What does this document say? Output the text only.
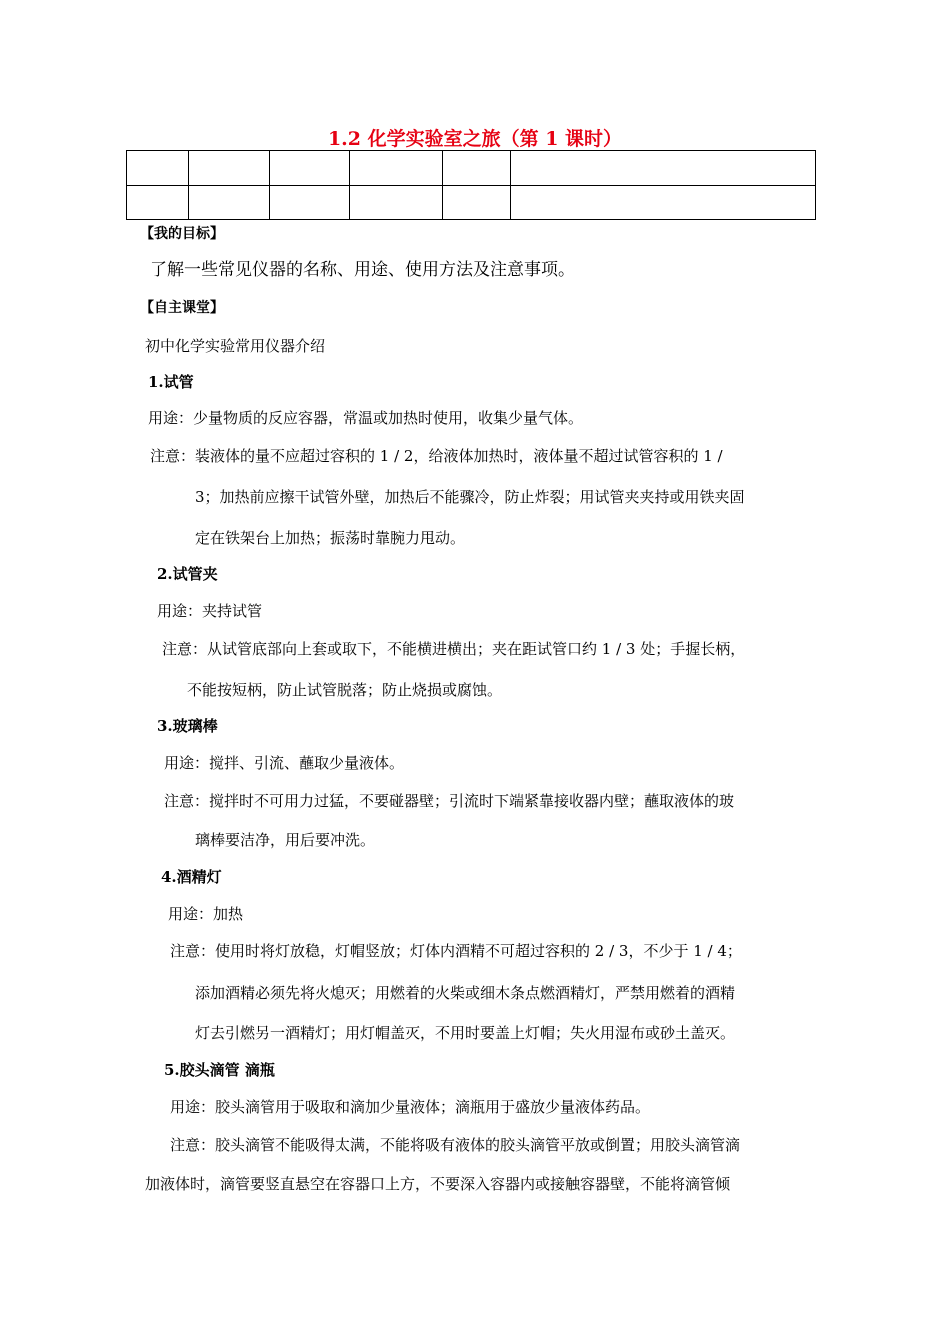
1.2 化学实验室之旅（第 1 课时）

【我的目标】
了解一些常见仪器的名称、用途、使用方法及注意事项。
【自主课堂】
初中化学实验常用仪器介绍
1.试管
用途：少量物质的反应容器，常温或加热时使用，收集少量气体。
注意：装液体的量不应超过容积的 1 / 2，给液体加热时，液体量不超过试管容积的 1 /
3；加热前应擦干试管外壁，加热后不能骤冷，防止炸裂；用试管夹夹持或用铁夹固
定在铁架台上加热；振荡时靠腕力甩动。
2.试管夹
用途：夹持试管
注意：从试管底部向上套或取下，不能横进横出；夹在距试管口约 1 / 3 处；手握长柄，
不能按短柄，防止试管脱落；防止烧损或腐蚀。
3.玻璃棒
用途：搅拌、引流、蘸取少量液体。
注意：搅拌时不可用力过猛，不要碰器壁；引流时下端紧靠接收器内壁；蘸取液体的玻
璃棒要洁净，用后要冲洗。
4.酒精灯
用途：加热
注意：使用时将灯放稳，灯帽竖放；灯体内酒精不可超过容积的 2 / 3，不少于 1 / 4；
添加酒精必须先将火熄灭；用燃着的火柴或细木条点燃酒精灯，严禁用燃着的酒精
灯去引燃另一酒精灯；用灯帽盖灭，不用时要盖上灯帽；失火用湿布或砂土盖灭。
5.胶头滴管 滴瓶
用途：胶头滴管用于吸取和滴加少量液体；滴瓶用于盛放少量液体药品。
注意：胶头滴管不能吸得太满，不能将吸有液体的胶头滴管平放或倒置；用胶头滴管滴
加液体时，滴管要竖直悬空在容器口上方，不要深入容器内或接触容器壁，不能将滴管倾
